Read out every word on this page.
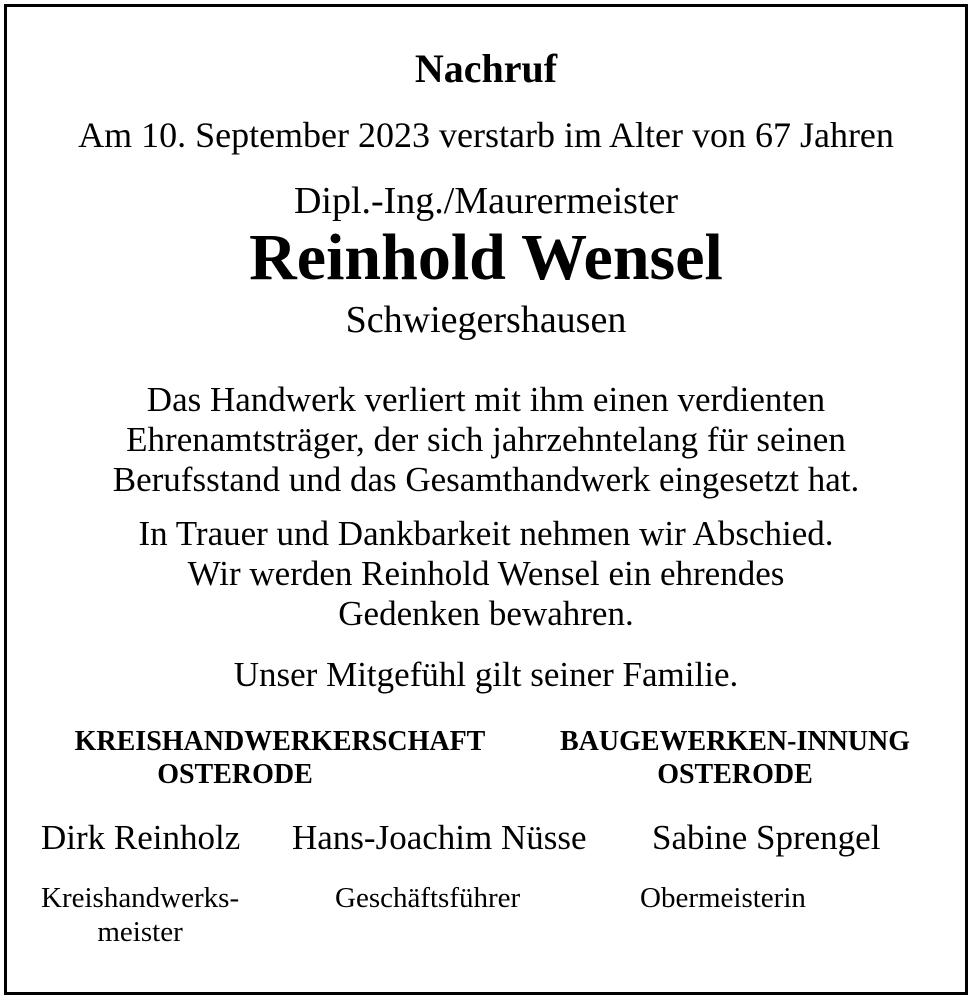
Nachruf
Am 10. September 2023 verstarb im Alter von 67 Jahren
Dipl.-Ing./Maurermeister
Reinhold Wensel
Schwiegershausen
Das Handwerk verliert mit ihm einen verdienten
Ehrenamtsträger, der sich jahrzehntelang für seinen
Berufsstand und das Gesamthandwerk eingesetzt hat.
In Trauer und Dankbarkeit nehmen wir Abschied.
Wir werden Reinhold Wensel ein ehrendes
Gedenken bewahren.
Unser Mitgefühl gilt seiner Familie.
KREISHANDWERKERSCHAFT
OSTERODE
BAUGEWERKEN-INNUNG
OSTERODE
Dirk Reinholz Hans-Joachim Nüsse Sabine Sprengel
Kreishandwerks-
meister
Geschäftsführer	Obermeisterin
